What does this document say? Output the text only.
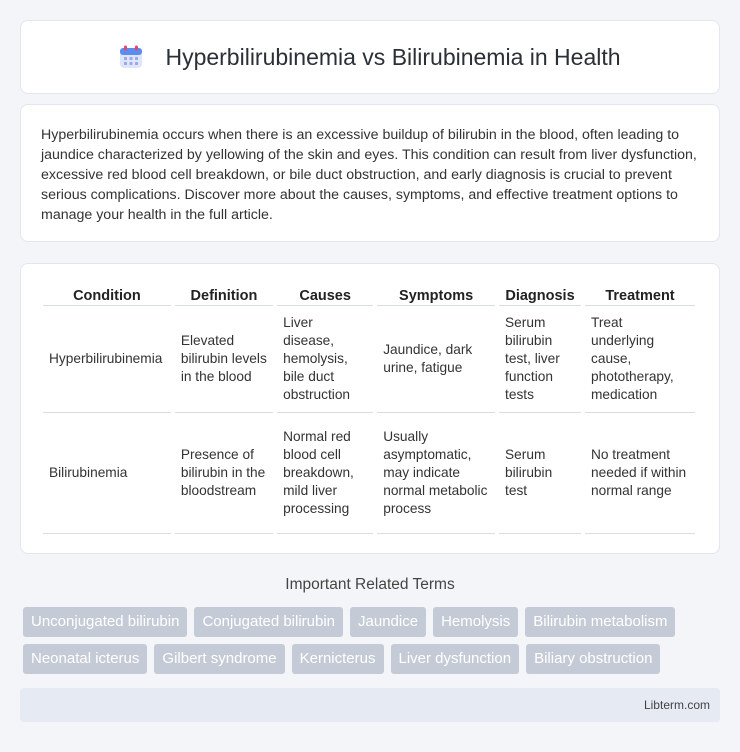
Hyperbilirubinemia vs Bilirubinemia in Health

Hyperbilirubinemia occurs when there is an excessive buildup of bilirubin in the blood, often leading to jaundice characterized by yellowing of the skin and eyes. This condition can result from liver dysfunction, excessive red blood cell breakdown, or bile duct obstruction, and early diagnosis is crucial to prevent serious complications. Discover more about the causes, symptoms, and effective treatment options to manage your health in the full article.

Condition	Definition	Causes	Symptoms	Diagnosis	Treatment
Hyperbilirubinemia	Elevated bilirubin levels in the blood	Liver disease, hemolysis, bile duct obstruction	Jaundice, dark urine, fatigue	Serum bilirubin test, liver function tests	Treat underlying cause, phototherapy, medication
Bilirubinemia	Presence of bilirubin in the bloodstream	Normal red blood cell breakdown, mild liver processing	Usually asymptomatic, may indicate normal metabolic process	Serum bilirubin test	No treatment needed if within normal range
Important Related Terms
Unconjugated bilirubin	Conjugated bilirubin	Jaundice	Hemolysis	Bilirubin metabolism
Neonatal icterus	Gilbert syndrome	Kernicterus	Liver dysfunction	Biliary obstruction
Libterm.com
